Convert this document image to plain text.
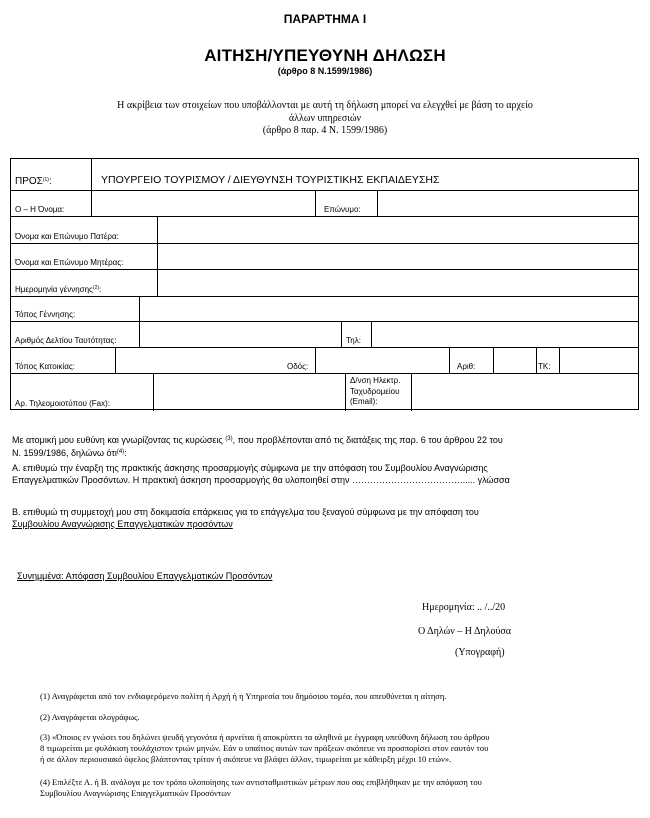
ΠΑΡΑΡΤΗΜΑ Ι
ΑΙΤΗΣΗ/ΥΠΕΥΘΥΝΗ ΔΗΛΩΣΗ
(άρθρο 8 Ν.1599/1986)
Η ακρίβεια των στοιχείων που υποβάλλονται με αυτή τη δήλωση μπορεί να ελεγχθεί με βάση το αρχείο
άλλων υπηρεσιών
(άρθρο 8 παρ. 4 Ν. 1599/1986)
ΠΡΟΣ$^{(1)}$:	ΥΠΟΥΡΓΕΙΟ ΤΟΥΡΙΣΜΟΥ / ΔΙΕΥΘΥΝΣΗ ΤΟΥΡΙΣΤΙΚΗΣ ΕΚΠΑΙΔΕΥΣΗΣ
Ο – Η Όνομα:	Επώνυμο:
Όνομα και Επώνυμο Πατέρα:
Όνομα και Επώνυμο Μητέρας:
Ημερομηνία γέννησης$^{(2)}$:
Τόπος Γέννησης:
Αριθμός Δελτίου Ταυτότητας:	Τηλ:
Τόπος Κατοικίας:	Οδός:	Αριθ:	ΤΚ:
Αρ. Τηλεομοιοτύπου (Fax):
Δ/νση Ηλεκτρ.
Ταχυδρομείου
(Εmail):
Με ατομική μου ευθύνη και γνωρίζοντας τις κυρώσεις $^{(3)}$, που προβλέπονται από τις διατάξεις της παρ. 6 του άρθρου 22 του
Ν. 1599/1986, δηλώνω ότι$^{(4)}$:
Α. επιθυμώ την έναρξη της πρακτικής άσκησης προσαρμογής σύμφωνα με την απόφαση του Συμβουλίου Αναγνώρισης
Επαγγελματικών Προσόντων. Η πρακτική άσκηση προσαρμογής θα υλοποιηθεί στην ………………………………...... γλώσσα
Β. επιθυμώ τη συμμετοχή μου στη δοκιμασία επάρκειας για το επάγγελμα του ξεναγού σύμφωνα με την απόφαση του
Συμβουλίου Αναγνώρισης Επαγγελματικών προσόντων
Συνημμένα: Απόφαση Συμβουλίου Επαγγελματικών Προσόντων
Ημερομηνία: .. /../20
Ο Δηλών – Η Δηλούσα
(Υπογραφή)
(1) Αναγράφεται από τον ενδιαφερόμενο πολίτη ή Αρχή ή η Υπηρεσία του δημόσιου τομέα, που απευθύνεται η αίτηση.
(2) Αναγράφεται ολογράφως.
(3) «Όποιος εν γνώσει του δηλώνει ψευδή γεγονότα ή αρνείται ή αποκρύπτει τα αληθινά με έγγραφη υπεύθυνη δήλωση του άρθρου
8 τιμωρείται με φυλάκιση τουλάχιστον τριών μηνών. Εάν ο υπαίτιος αυτών των πράξεων σκόπευε να προσπορίσει στον εαυτόν του
ή σε άλλον περιουσιακό όφελος βλάπτοντας τρίτον ή σκόπευε να βλάψει άλλον, τιμωρείται με κάθειρξη μέχρι 10 ετών».
(4) Επιλέξτε Α. ή Β. ανάλογα με τον τρόπο υλοποίησης των αντισταθμιστικών μέτρων που σας επιβλήθηκαν με την απόφαση του
Συμβουλίου Αναγνώρισης Επαγγελματικών Προσόντων
